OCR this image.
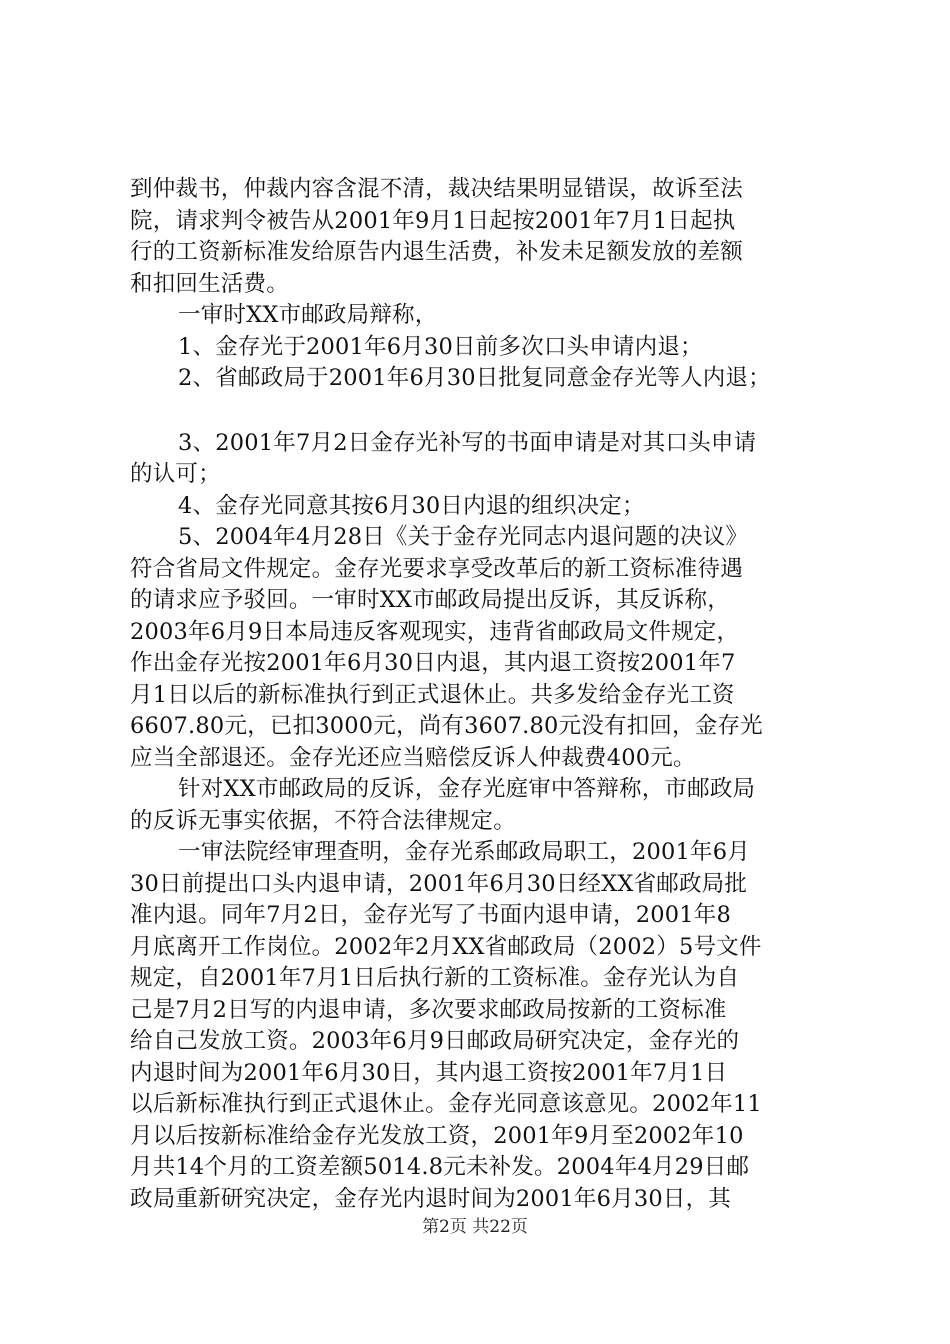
到仲裁书，仲裁内容含混不清，裁决结果明显错误，故诉至法
院，请求判令被告从2001年9月1日起按2001年7月1日起执
行的工资新标准发给原告内退生活费，补发未足额发放的差额
和扣回生活费。
一审时XX市邮政局辩称，
1、金存光于2001年6月30日前多次口头申请内退；
2、省邮政局于2001年6月30日批复同意金存光等人内退；
3、2001年7月2日金存光补写的书面申请是对其口头申请
的认可；
4、金存光同意其按6月30日内退的组织决定；
5、2004年4月28日《关于金存光同志内退问题的决议》
符合省局文件规定。金存光要求享受改革后的新工资标准待遇
的请求应予驳回。一审时XX市邮政局提出反诉，其反诉称，
2003年6月9日本局违反客观现实，违背省邮政局文件规定，
作出金存光按2001年6月30日内退，其内退工资按2001年7
月1日以后的新标准执行到正式退休止。共多发给金存光工资
6607.80元，已扣3000元，尚有3607.80元没有扣回，金存光
应当全部退还。金存光还应当赔偿反诉人仲裁费400元。
针对XX市邮政局的反诉，金存光庭审中答辩称，市邮政局
的反诉无事实依据，不符合法律规定。
一审法院经审理查明，金存光系邮政局职工，2001年6月
30日前提出口头内退申请，2001年6月30日经XX省邮政局批
准内退。同年7月2日，金存光写了书面内退申请，2001年8
月底离开工作岗位。2002年2月XX省邮政局（2002）5号文件
规定，自2001年7月1日后执行新的工资标准。金存光认为自
己是7月2日写的内退申请，多次要求邮政局按新的工资标准
给自己发放工资。2003年6月9日邮政局研究决定，金存光的
内退时间为2001年6月30日，其内退工资按2001年7月1日
以后新标准执行到正式退休止。金存光同意该意见。2002年11
月以后按新标准给金存光发放工资，2001年9月至2002年10
月共14个月的工资差额5014.8元未补发。2004年4月29日邮
政局重新研究决定，金存光内退时间为2001年6月30日，其
第2页 共22页
